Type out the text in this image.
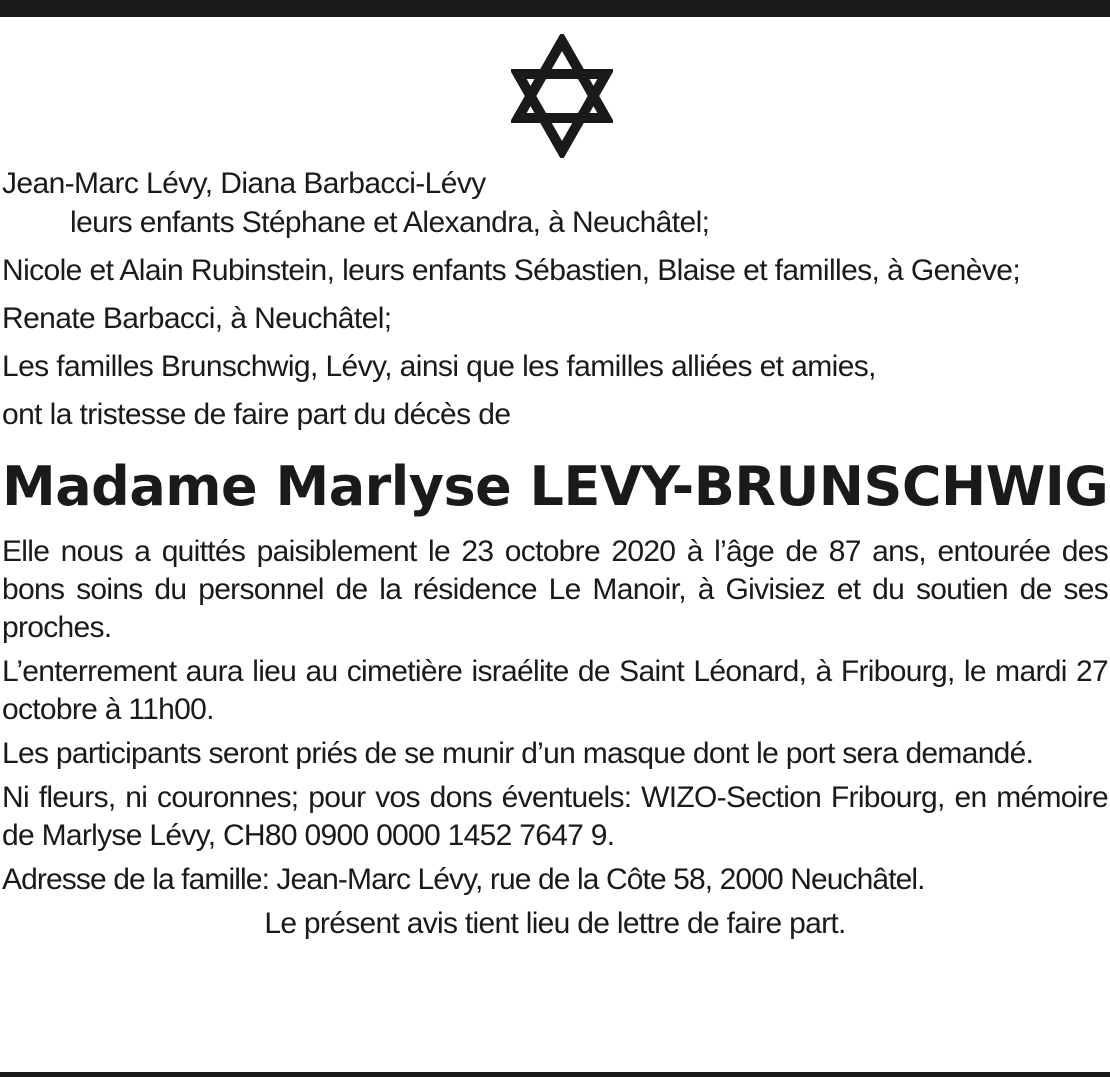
Jean-Marc Lévy, Diana Barbacci-Lévy
leurs enfants Stéphane et Alexandra, à Neuchâtel;
Nicole et Alain Rubinstein, leurs enfants Sébastien, Blaise et familles, à Genève;
Renate Barbacci, à Neuchâtel;
Les familles Brunschwig, Lévy, ainsi que les familles alliées et amies,
ont la tristesse de faire part du décès de
Madame Marlyse LEVY-BRUNSCHWIG

Elle nous a quittés paisiblement le 23 octobre 2020 à l’âge de 87 ans, entourée des bons soins du personnel de la résidence Le Manoir, à Givisiez et du soutien de ses proches.

L’enterrement aura lieu au cimetière israélite de Saint Léonard, à Fribourg, le mardi 27 octobre à 11h00.

Les participants seront priés de se munir d’un masque dont le port sera demandé.

Ni fleurs, ni couronnes; pour vos dons éventuels: WIZO-Section Fribourg, en mémoire de Marlyse Lévy, CH80 0900 0000 1452 7647 9.

Adresse de la famille: Jean-Marc Lévy, rue de la Côte 58, 2000 Neuchâtel.
Le présent avis tient lieu de lettre de faire part.
